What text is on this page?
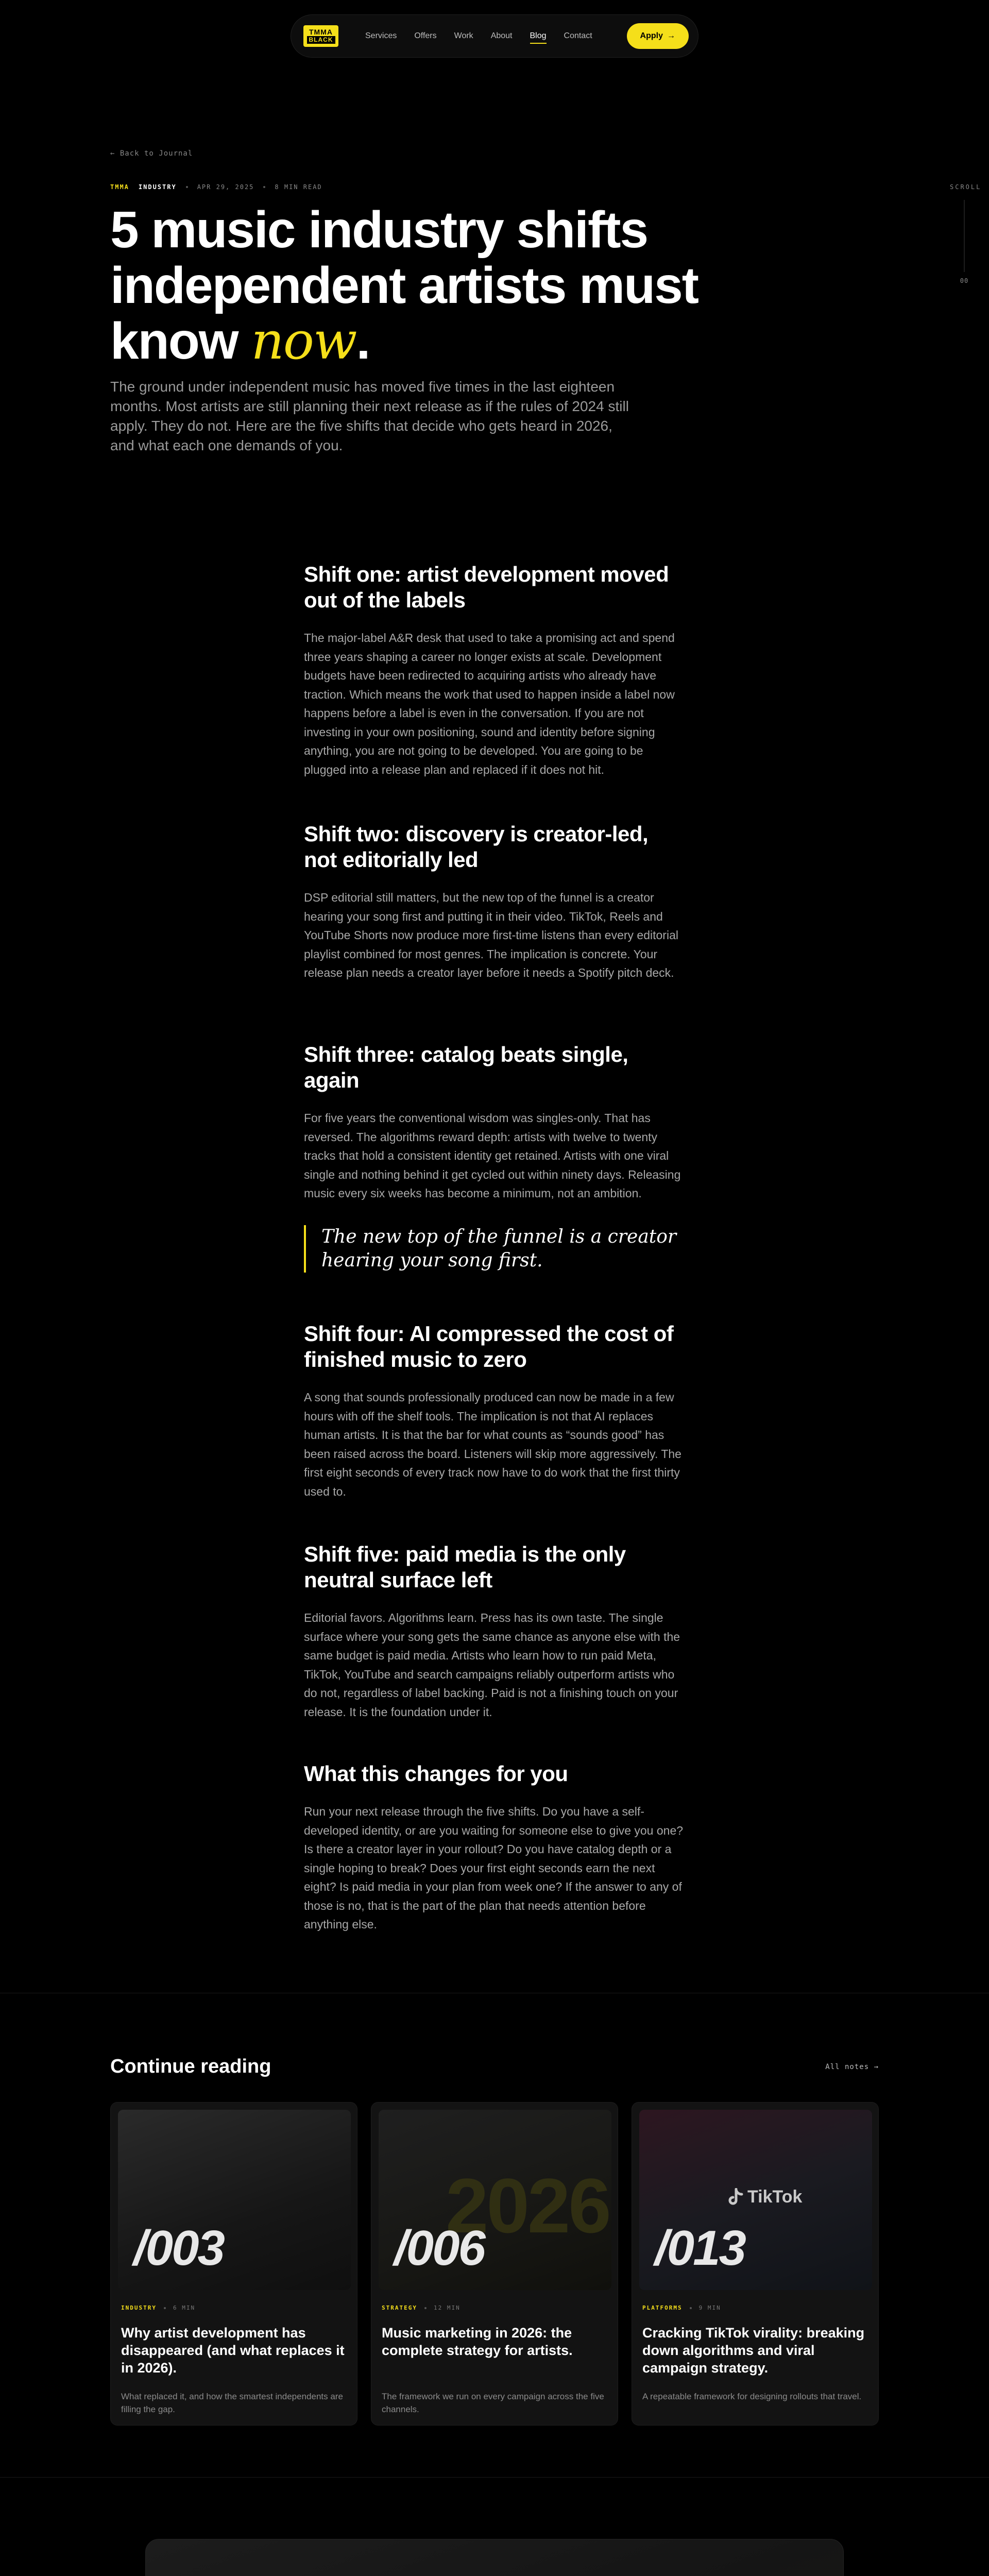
TMMA
BLACK	Services Offers Work About Blog Contact	Apply →
← Back to Journal
TMMA INDUSTRY	APR 29, 2025	8 MIN READ	SCROLL
00
5 music industry shifts
independent artists must
know now.

The ground under independent music has moved five times in the last eighteen months. Most artists are still planning their next release as if the rules of 2024 still apply. They do not. Here are the five shifts that decide who gets heard in 2026, and what each one demands of you.

Shift one: artist development moved out of the labels

The major-label A&R desk that used to take a promising act and spend three years shaping a career no longer exists at scale. Development budgets have been redirected to acquiring artists who already have traction. Which means the work that used to happen inside a label now happens before a label is even in the conversation. If you are not investing in your own positioning, sound and identity before signing anything, you are not going to be developed. You are going to be plugged into a release plan and replaced if it does not hit.

Shift two: discovery is creator-led, not editorially led

DSP editorial still matters, but the new top of the funnel is a creator hearing your song first and putting it in their video. TikTok, Reels and YouTube Shorts now produce more first-time listens than every editorial playlist combined for most genres. The implication is concrete. Your release plan needs a creator layer before it needs a Spotify pitch deck.

Shift three: catalog beats single, again

For five years the conventional wisdom was singles-only. That has reversed. The algorithms reward depth: artists with twelve to twenty tracks that hold a consistent identity get retained. Artists with one viral single and nothing behind it get cycled out within ninety days. Releasing music every six weeks has become a minimum, not an ambition.

The new top of the funnel is a creator hearing your song first.
Shift four: AI compressed the cost of finished music to zero

A song that sounds professionally produced can now be made in a few hours with off the shelf tools. The implication is not that AI replaces human artists. It is that the bar for what counts as “sounds good” has been raised across the board. Listeners will skip more aggressively. The first eight seconds of every track now have to do work that the first thirty used to.

Shift five: paid media is the only neutral surface left

Editorial favors. Algorithms learn. Press has its own taste. The single surface where your song gets the same chance as anyone else with the same budget is paid media. Artists who learn how to run paid Meta, TikTok, YouTube and search campaigns reliably outperform artists who do not, regardless of label backing. Paid is not a finishing touch on your release. It is the foundation under it.

What this changes for you

Run your next release through the five shifts. Do you have a self-developed identity, or are you waiting for someone else to give you one? Is there a creator layer in your rollout? Do you have catalog depth or a single hoping to break? Does your first eight seconds earn the next eight? Is paid media in your plan from week one? If the answer to any of those is no, that is the part of the plan that needs attention before anything else.

Continue reading	All notes →
/003
INDUSTRY	6 MIN
Why artist development has disappeared (and what replaces it in 2026).
What replaced it, and how the smartest independents are filling the gap.
2026
/006
STRATEGY	12 MIN
Music marketing in 2026: the complete strategy for artists.
The framework we run on every campaign across the five channels.
TikTok
/013
PLATFORMS	9 MIN
Cracking TikTok virality: breaking down algorithms and viral campaign strategy.
A repeatable framework for designing rollouts that travel.
